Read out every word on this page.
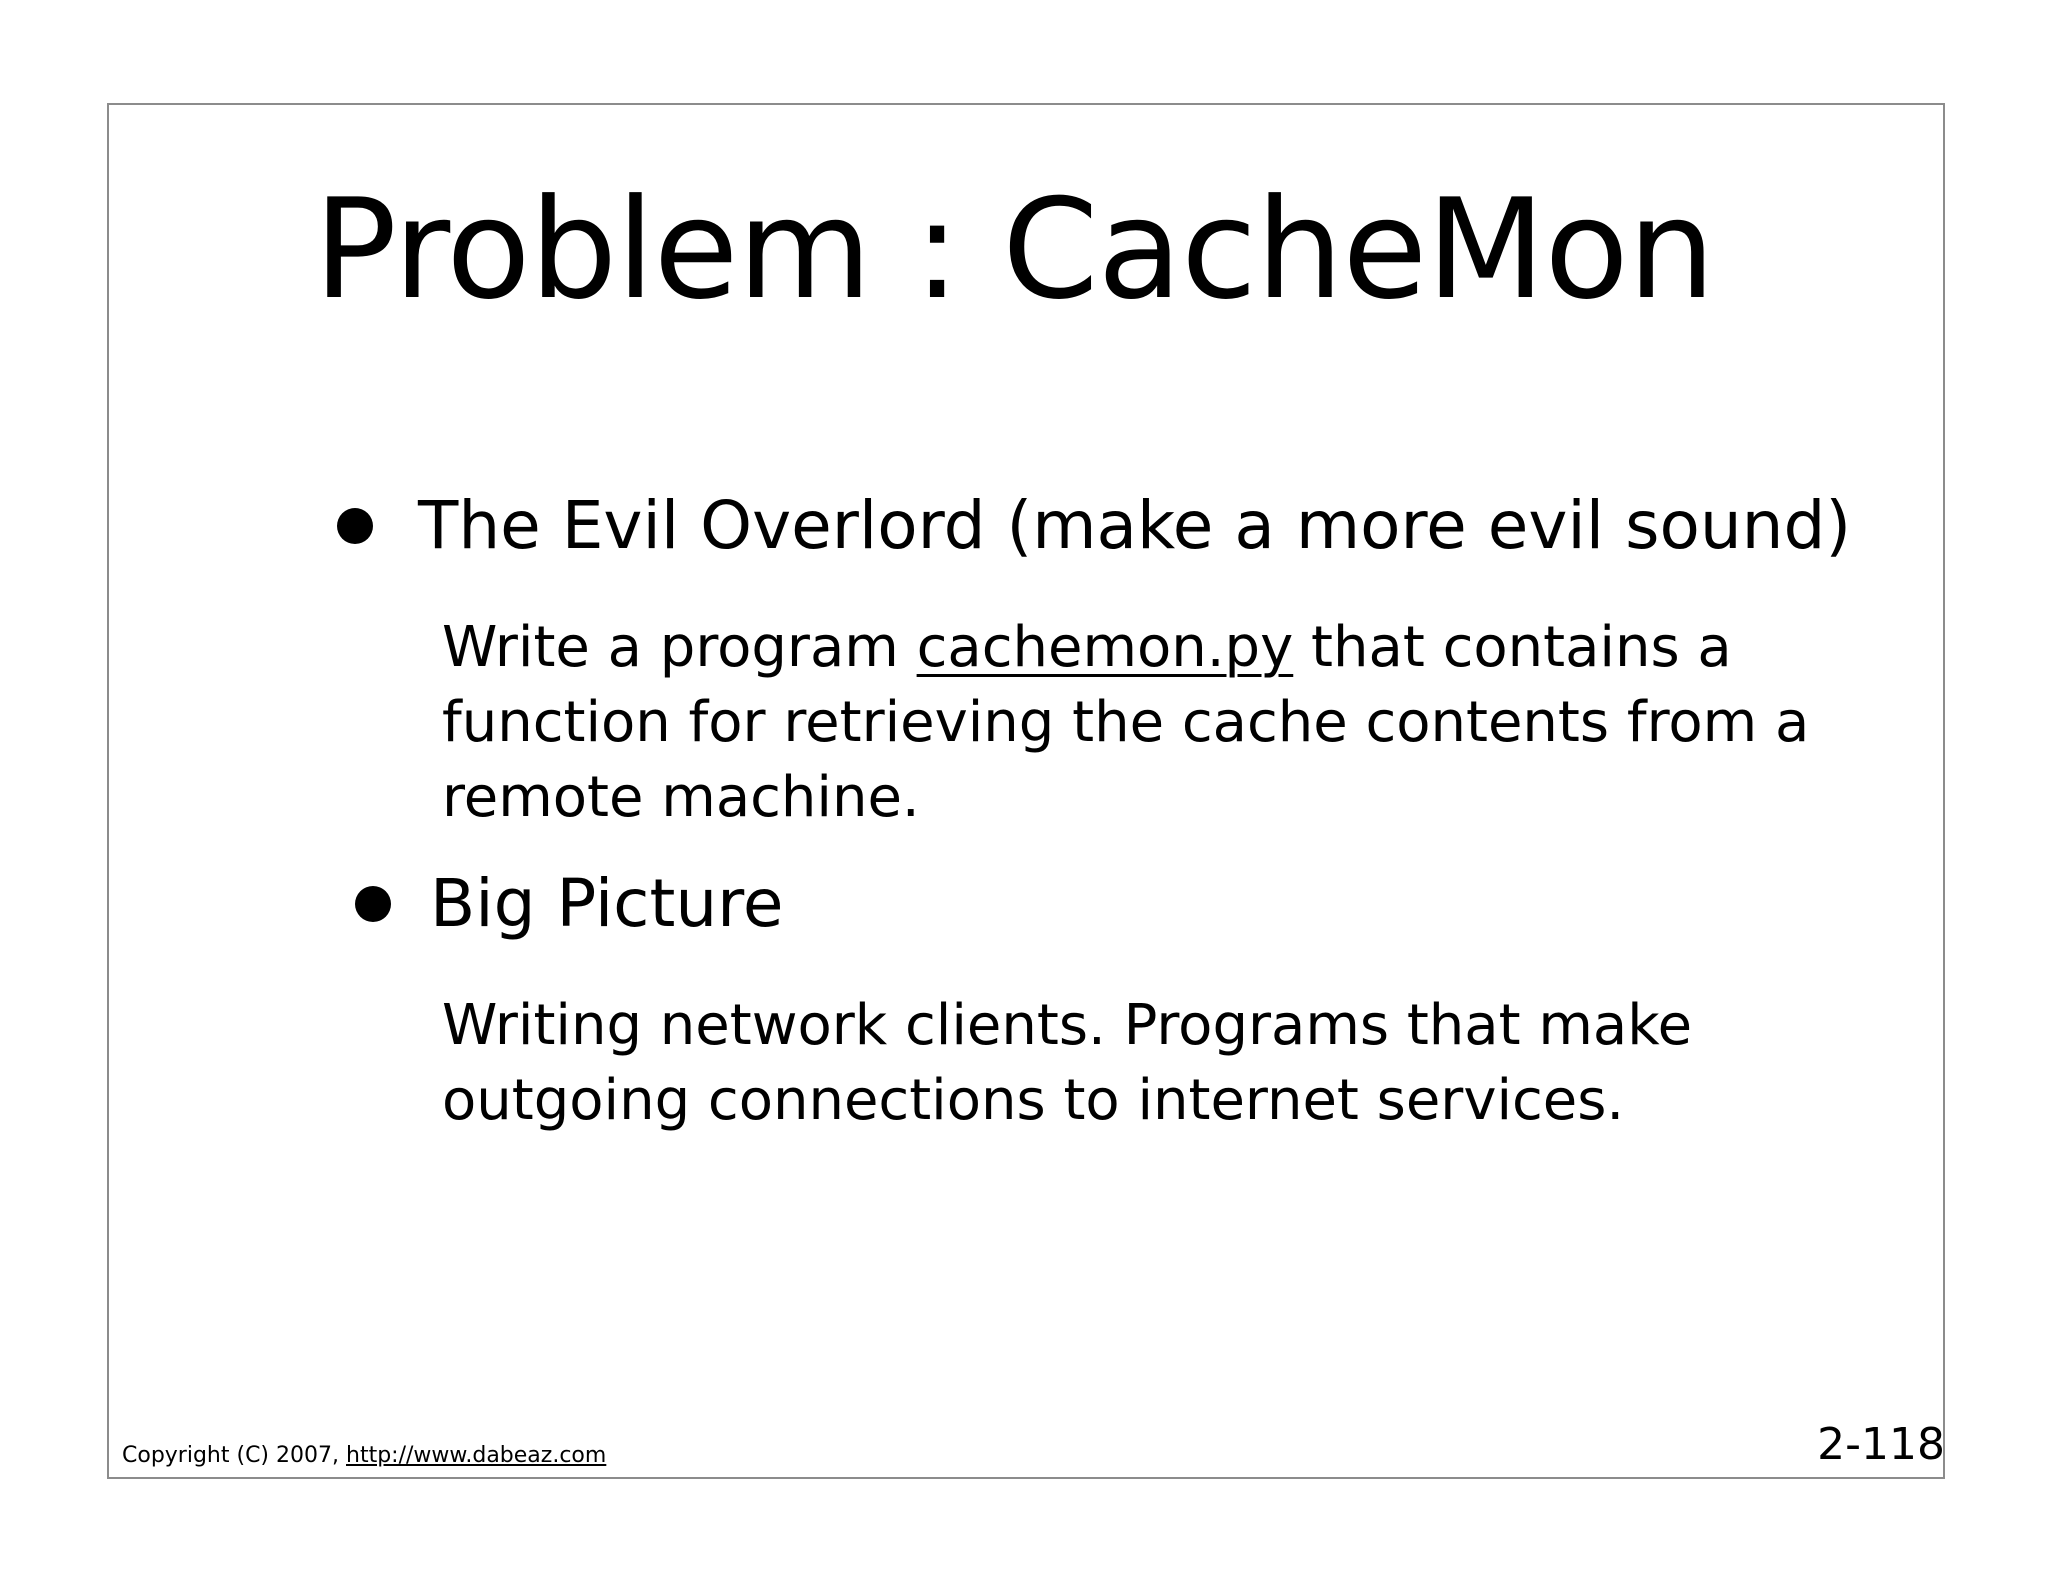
Problem : CacheMon
The Evil Overlord (make a more evil sound)
Write a program cachemon.py that contains a
function for retrieving the cache contents from a
remote machine.
Big Picture
Writing network clients. Programs that make
outgoing connections to internet services.
Copyright (C) 2007, http://www.dabeaz.com	2-118
